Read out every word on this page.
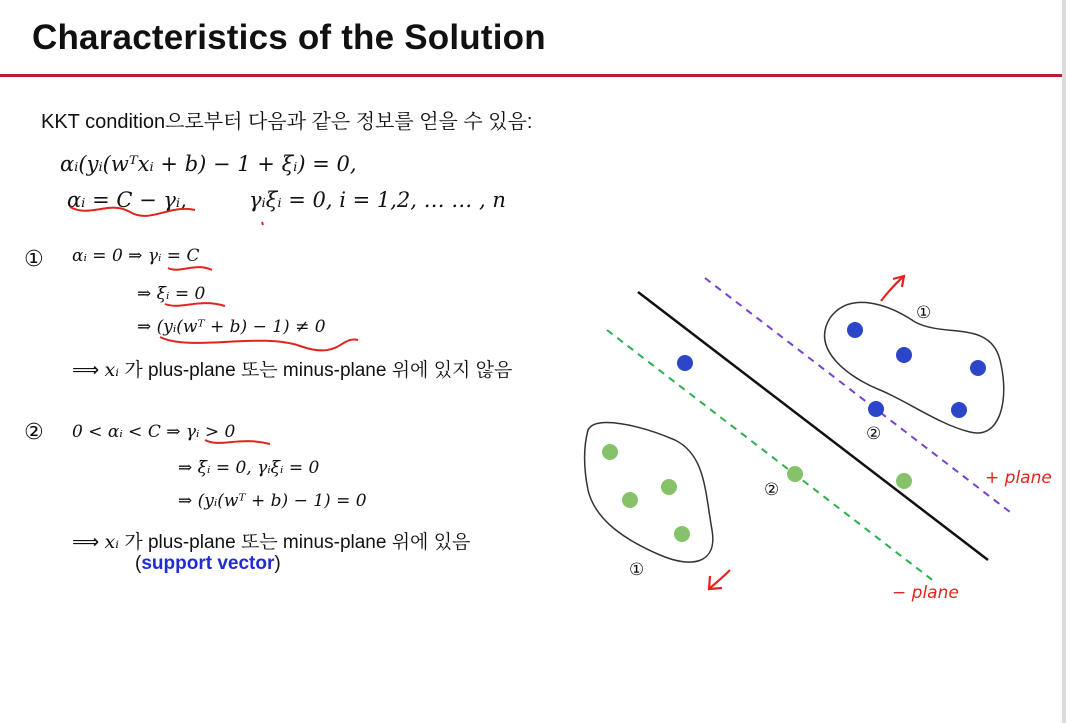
Characteristics of the Solution
KKT condition으로부터 다음과 같은 정보를 얻을 수 있음:
αᵢ(yᵢ(wᵀxᵢ + b) − 1 + ξᵢ) = 0,
αᵢ = C − γᵢ,	γᵢξᵢ = 0, i = 1,2, … … , n
① αᵢ = 0 ⇒ γᵢ = C
⇒ ξᵢ = 0
⇒ (yᵢ(wᵀ + b) − 1) ≠ 0
⟹ xᵢ 가 plus-plane 또는 minus-plane 위에 있지 않음
② 0 < αᵢ < C ⇒ γᵢ > 0
⇒ ξᵢ = 0, γᵢξᵢ = 0
⇒ (yᵢ(wᵀ + b) − 1) = 0
⟹ xᵢ 가 plus-plane 또는 minus-plane 위에 있음
(support vector)
①
②
②
①
+ plane
− plane
